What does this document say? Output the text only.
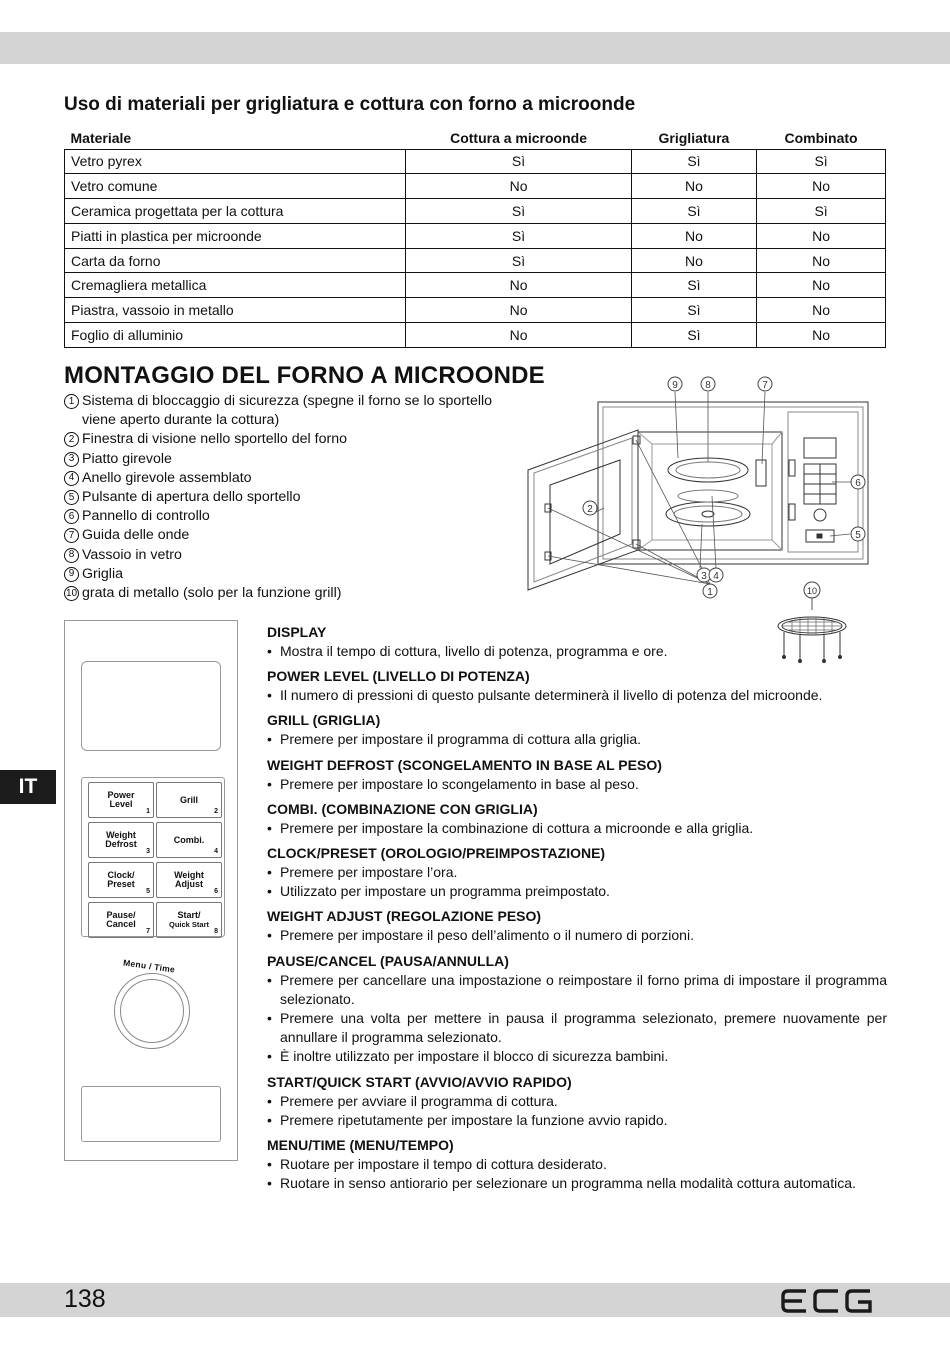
Uso di materiali per grigliatura e cottura con forno a microonde
Materiale	Cottura a microonde	Grigliatura	Combinato
Vetro pyrex	Sì	Sì	Sì
Vetro comune	No	No	No
Ceramica progettata per la cottura	Sì	Sì	Sì
Piatti in plastica per microonde	Sì	No	No
Carta da forno	Sì	No	No
Cremagliera metallica	No	Sì	No
Piastra, vassoio in metallo	No	Sì	No
Foglio di alluminio	No	Sì	No
MONTAGGIO DEL FORNO A MICROONDE
1 Sistema di bloccaggio di sicurezza (spegne il forno se lo sportello viene aperto durante la cottura)
2 Finestra di visione nello sportello del forno
3 Piatto girevole
4 Anello girevole assemblato
5 Pulsante di apertura dello sportello
6 Pannello di controllo
7 Guida delle onde
8 Vassoio in vetro
9 Griglia
10 grata di metallo (solo per la funzione grill)
9	8	7
6
5
2
3 4
1	10
Power
Level
1
Grill
2
Weight
Defrost
3
Combi.
4
Clock/
Preset
5
Weight
Adjust
6
Pause/
Cancel
7
Start/
Quick Start
8
Menu / Time
IT
DISPLAY
• Mostra il tempo di cottura, livello di potenza, programma e ore.
POWER LEVEL (LIVELLO DI POTENZA)
• Il numero di pressioni di questo pulsante determinerà il livello di potenza del microonde.
GRILL (GRIGLIA)
• Premere per impostare il programma di cottura alla griglia.
WEIGHT DEFROST (SCONGELAMENTO IN BASE AL PESO)
• Premere per impostare lo scongelamento in base al peso.
COMBI. (COMBINAZIONE CON GRIGLIA)
• Premere per impostare la combinazione di cottura a microonde e alla griglia.
CLOCK/PRESET (OROLOGIO/PREIMPOSTAZIONE)
• Premere per impostare l’ora.
• Utilizzato per impostare un programma preimpostato.
WEIGHT ADJUST (REGOLAZIONE PESO)
• Premere per impostare il peso dell’alimento o il numero di porzioni.
PAUSE/CANCEL (PAUSA/ANNULLA)
• Premere per cancellare una impostazione o reimpostare il forno prima di impostare il programma selezionato.
• Premere una volta per mettere in pausa il programma selezionato, premere nuovamente per annullare il programma selezionato.
• È inoltre utilizzato per impostare il blocco di sicurezza bambini.
START/QUICK START (AVVIO/AVVIO RAPIDO)
• Premere per avviare il programma di cottura.
• Premere ripetutamente per impostare la funzione avvio rapido.
MENU/TIME (MENU/TEMPO)
• Ruotare per impostare il tempo di cottura desiderato.
• Ruotare in senso antiorario per selezionare un programma nella modalità cottura automatica.
138
